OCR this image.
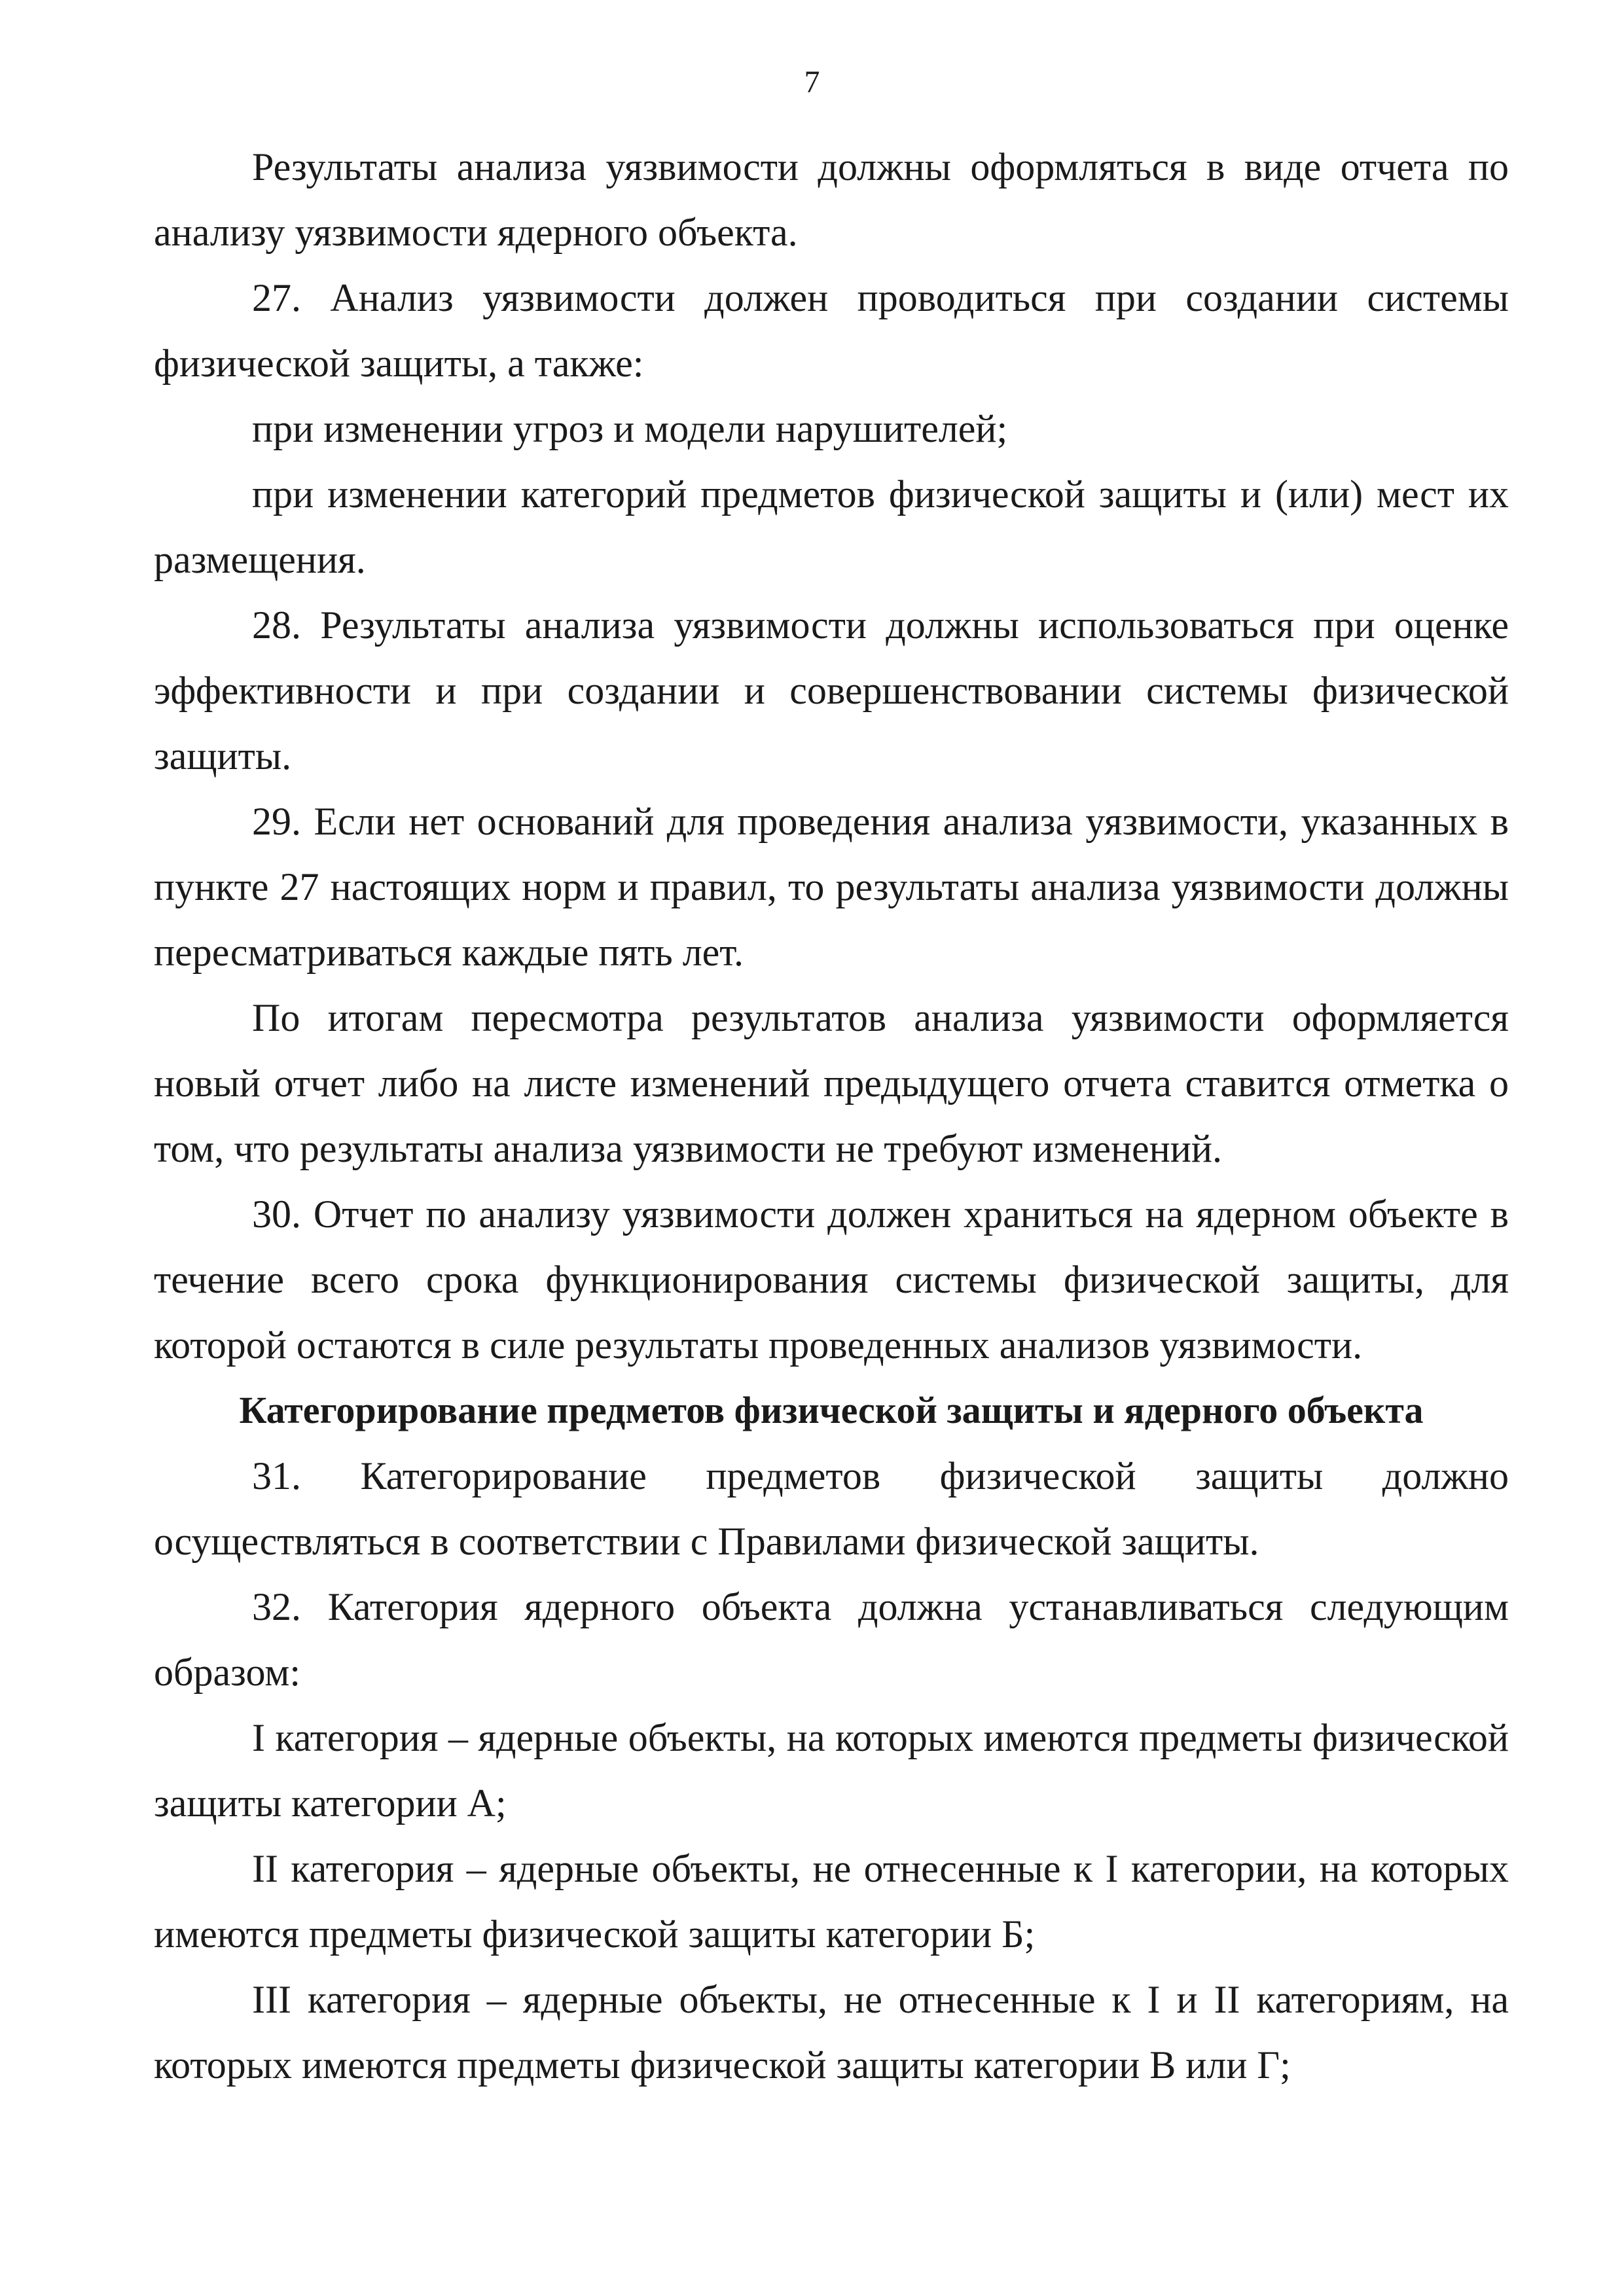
7

Результаты анализа уязвимости должны оформляться в виде отчета по анализу уязвимости ядерного объекта.

27. Анализ уязвимости должен проводиться при создании системы физической защиты, а также:

при изменении угроз и модели нарушителей;

при изменении категорий предметов физической защиты и (или) мест их размещения.

28. Результаты анализа уязвимости должны использоваться при оценке эффективности и при создании и совершенствовании системы физической защиты.

29. Если нет оснований для проведения анализа уязвимости, указанных в пункте 27 настоящих норм и правил, то результаты анализа уязвимости должны пересматриваться каждые пять лет.

По итогам пересмотра результатов анализа уязвимости оформляется новый отчет либо на листе изменений предыдущего отчета ставится отметка о том, что результаты анализа уязвимости не требуют изменений.

30. Отчет по анализу уязвимости должен храниться на ядерном объекте в течение всего срока функционирования системы физической защиты, для которой остаются в силе результаты проведенных анализов уязвимости.

Категорирование предметов физической защиты и ядерного объекта

31. Категорирование предметов физической защиты должно осуществляться в соответствии с Правилами физической защиты.

32. Категория ядерного объекта должна устанавливаться следующим образом:

I категория – ядерные объекты, на которых имеются предметы физической защиты категории А;

II категория – ядерные объекты, не отнесенные к I категории, на которых имеются предметы физической защиты категории Б;

III категория – ядерные объекты, не отнесенные к I и II категориям, на которых имеются предметы физической защиты категории В или Г;
